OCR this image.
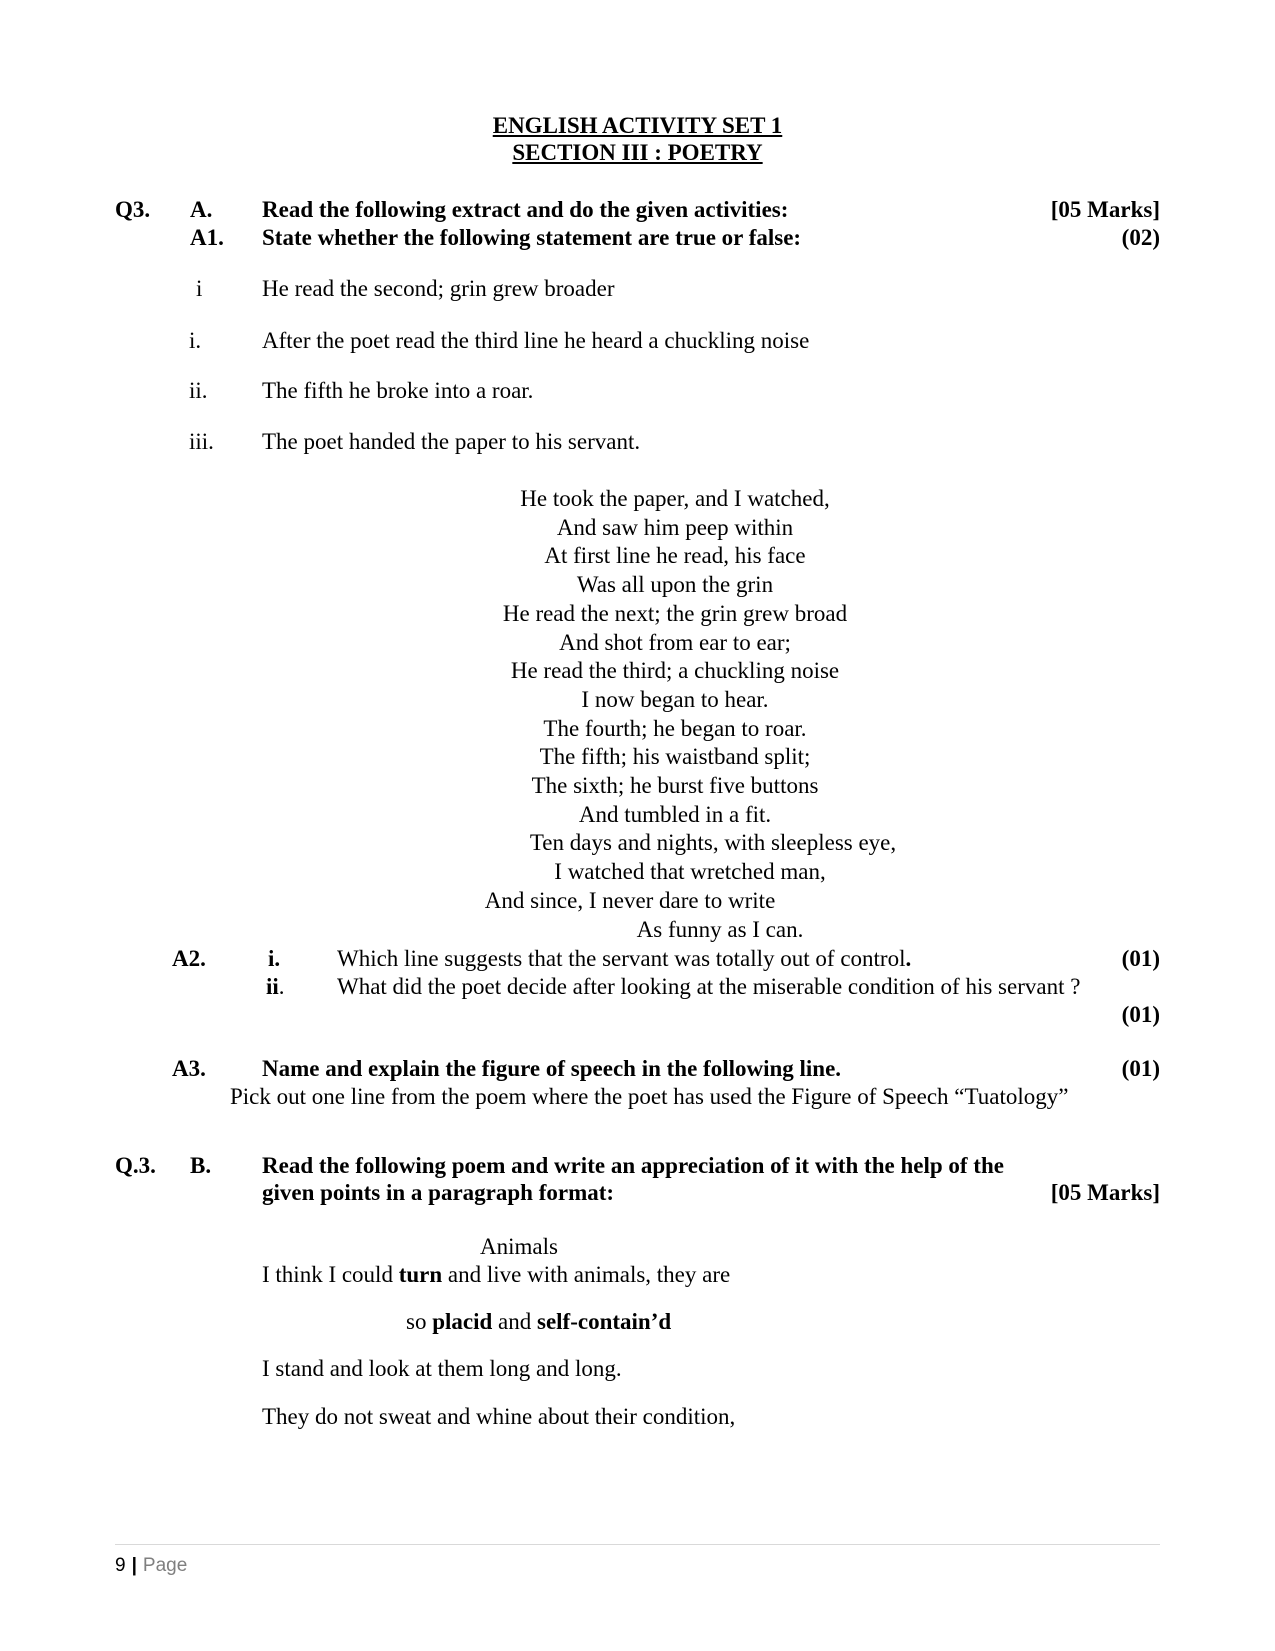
ENGLISH ACTIVITY SET 1
SECTION III : POETRY
Q3. A. Read the following extract and do the given activities:	[05 Marks]
A1. State whether the following statement are true or false:	(02)
i	He read the second; grin grew broader
i.	After the poet read the third line he heard a chuckling noise
ii. The fifth he broke into a roar.
iii. The poet handed the paper to his servant.
He took the paper, and I watched,
And saw him peep within
At first line he read, his face
Was all upon the grin
He read the next; the grin grew broad
And shot from ear to ear;
He read the third; a chuckling noise
I now began to hear.
The fourth; he began to roar.
The fifth; his waistband split;
The sixth; he burst five buttons
And tumbled in a fit.
Ten days and nights, with sleepless eye,
I watched that wretched man,
And since, I never dare to write
As funny as I can.
A2.	i. Which line suggests that the servant was totally out of control.	(01)
ii. What did the poet decide after looking at the miserable condition of his servant ?
(01)
A3. Name and explain the figure of speech in the following line.	(01)
Pick out one line from the poem where the poet has used the Figure of Speech “Tuatology”
Q.3. B. Read the following poem and write an appreciation of it with the help of the
given points in a paragraph format:	[05 Marks]
Animals
I think I could turn and live with animals, they are
so placid and self-contain’d
I stand and look at them long and long.
They do not sweat and whine about their condition,
9 | Page
